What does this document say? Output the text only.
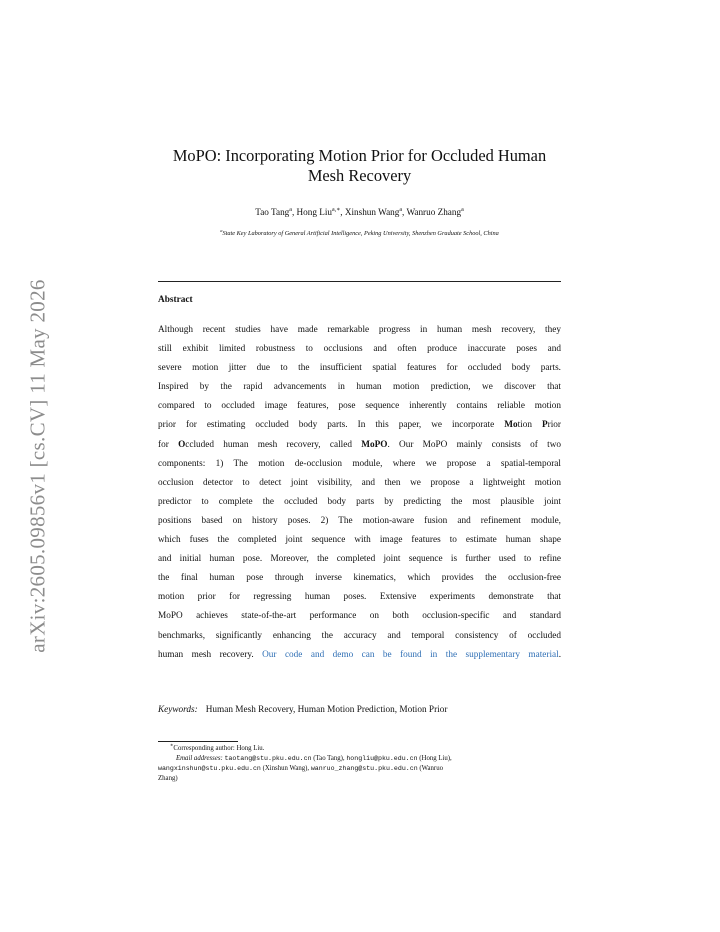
arXiv:2605.09856v1 [cs.CV] 11 May 2026
MoPO: Incorporating Motion Prior for Occluded Human
Mesh Recovery
Tao Tang$^a$, Hong Liu$^{a,∗}$, Xinshun Wang$^a$, Wanruo Zhang$^a$
$^a$State Key Laboratory of General Artificial Intelligence, Peking University, Shenzhen Graduate School, China
Abstract
Although recent studies have made remarkable progress in human mesh recovery, they
still exhibit limited robustness to occlusions and often produce inaccurate poses and
severe motion jitter due to the insufficient spatial features for occluded body parts.
Inspired by the rapid advancements in human motion prediction, we discover that
compared to occluded image features, pose sequence inherently contains reliable motion
prior for estimating occluded body parts. In this paper, we incorporate Motion Prior
for Occluded human mesh recovery, called MoPO. Our MoPO mainly consists of two
components: 1) The motion de-occlusion module, where we propose a spatial-temporal
occlusion detector to detect joint visibility, and then we propose a lightweight motion
predictor to complete the occluded body parts by predicting the most plausible joint
positions based on history poses. 2) The motion-aware fusion and refinement module,
which fuses the completed joint sequence with image features to estimate human shape
and initial human pose. Moreover, the completed joint sequence is further used to refine
the final human pose through inverse kinematics, which provides the occlusion-free
motion prior for regressing human poses. Extensive experiments demonstrate that
MoPO achieves state-of-the-art performance on both occlusion-specific and standard
benchmarks, significantly enhancing the accuracy and temporal consistency of occluded
human mesh recovery. Our code and demo can be found in the supplementary material.
Keywords: Human Mesh Recovery, Human Motion Prediction, Motion Prior
∗Corresponding author: Hong Liu.
Email addresses: taotang@stu.pku.edu.cn (Tao Tang), hongliu@pku.edu.cn (Hong Liu),
wangxinshun@stu.pku.edu.cn (Xinshun Wang), wanruo_zhang@stu.pku.edu.cn (Wanruo
Zhang)
